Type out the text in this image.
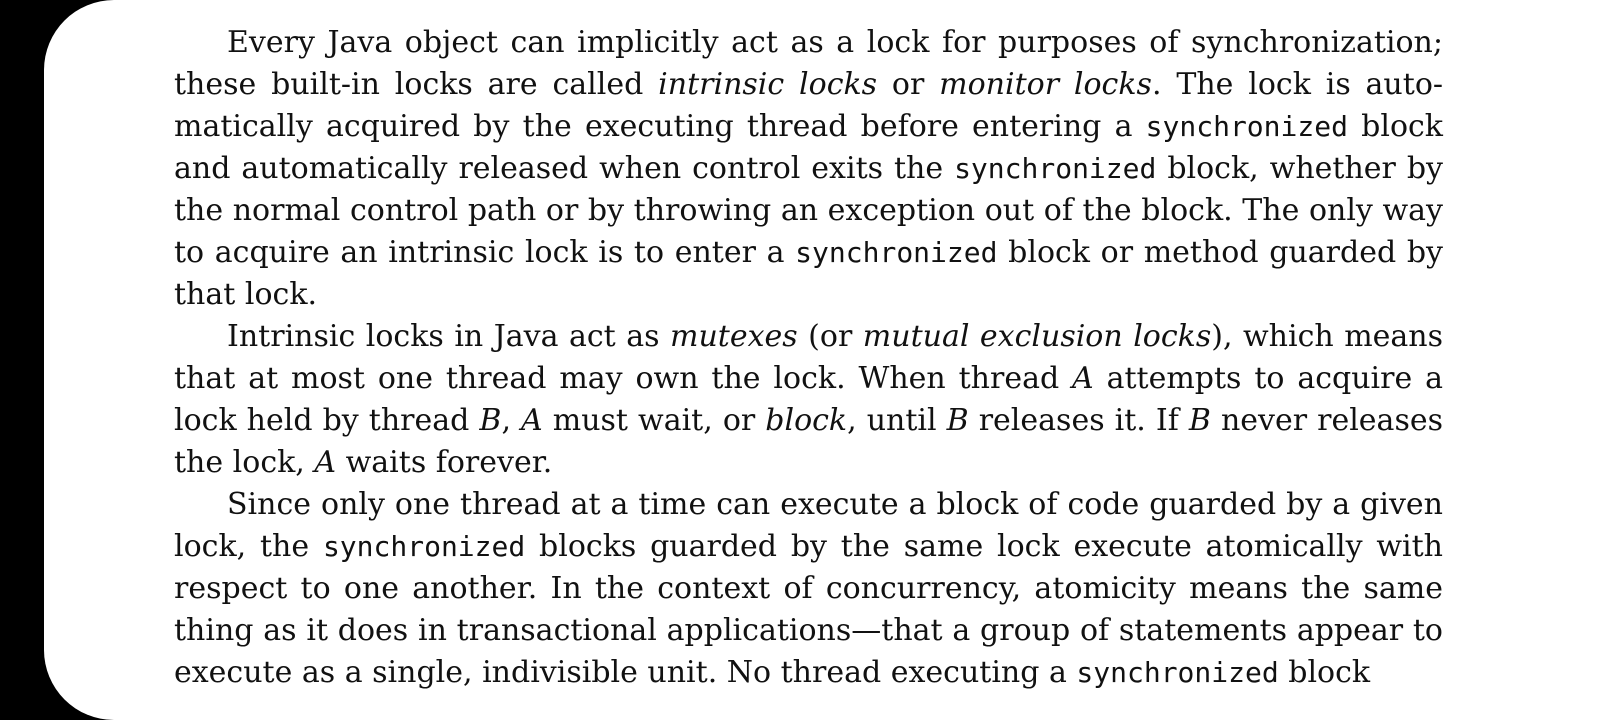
Every Java object can implicitly act as a lock for purposes of synchronization; these built-in locks are called intrinsic locks or monitor locks. The lock is automatically acquired by the executing thread before entering a synchronized block and automatically released when control exits the synchronized block, whether by the normal control path or by throwing an exception out of the block. The only way to acquire an intrinsic lock is to enter a synchronized block or method guarded by that lock.

Intrinsic locks in Java act as mutexes (or mutual exclusion locks), which means that at most one thread may own the lock. When thread A attempts to acquire a lock held by thread B, A must wait, or block, until B releases it. If B never releases the lock, A waits forever.

Since only one thread at a time can execute a block of code guarded by a given lock, the synchronized blocks guarded by the same lock execute atomically with respect to one another. In the context of concurrency, atomicity means the same thing as it does in transactional applications—that a group of statements appear to execute as a single, indivisible unit. No thread executing a synchronized block
